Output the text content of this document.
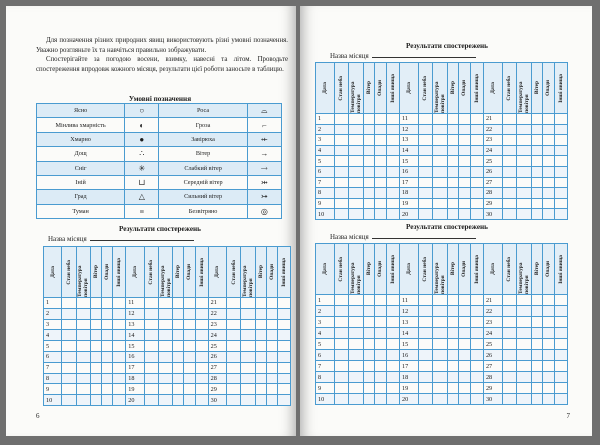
Для позначення різних природних явищ використовують різні умовні позначення. Уважно розгляньте їх та навчіться правильно зображувати.

Спостерігайте за погодою восени, взимку, навесні та літом. Проводьте спостереження впродовж кожного місяця, результати цієї роботи заносьте в таблицю.

Умовні позначення
Ясно	○	Роса	⌓
Мінлива хмарність	◐	Гроза	⌐
Хмарно	●	Завірюха	⇷
Дощ	∴	Вітер	→
Сніг	✳	Слабкий вітер	⤑
Іній	⊔	Середній вітер	⤔
Град	△	Сильний вітер	⤖
Туман	≡	Безвітряно	◎
Результати спостережень
Назва місяця
Дата	Стан неба	Температура повітря	Вітер	Опади	Інші явища	Дата	Стан неба	Температура повітря	Вітер	Опади	Інші явища	Дата	Стан неба	Температура повітря	Вітер	Опади	Інші явища

1						11						21					
2						12						22					
3						13						23					
4						14						24					
5						15						25					
6						16						26					
7						17						27					
8						18						28					
9						19						29					
10						20						30					
6
Результати спостережень
Назва місяця
Дата	Стан неба	Температура повітря	Вітер	Опади	Інші явища	Дата	Стан неба	Температура повітря	Вітер	Опади	Інші явища	Дата	Стан неба	Температура повітря	Вітер	Опади	Інші явища

1						11						21					
2						12						22					
3						13						23					
4						14						24					
5						15						25					
6						16						26					
7						17						27					
8						18						28					
9						19						29					
10						20						30					
Результати спостережень
Назва місяця
Дата	Стан неба	Температура повітря	Вітер	Опади	Інші явища	Дата	Стан неба	Температура повітря	Вітер	Опади	Інші явища	Дата	Стан неба	Температура повітря	Вітер	Опади	Інші явища

1						11						21					
2						12						22					
3						13						23					
4						14						24					
5						15						25					
6						16						26					
7						17						27					
8						18						28					
9						19						29					
10						20						30					
7
